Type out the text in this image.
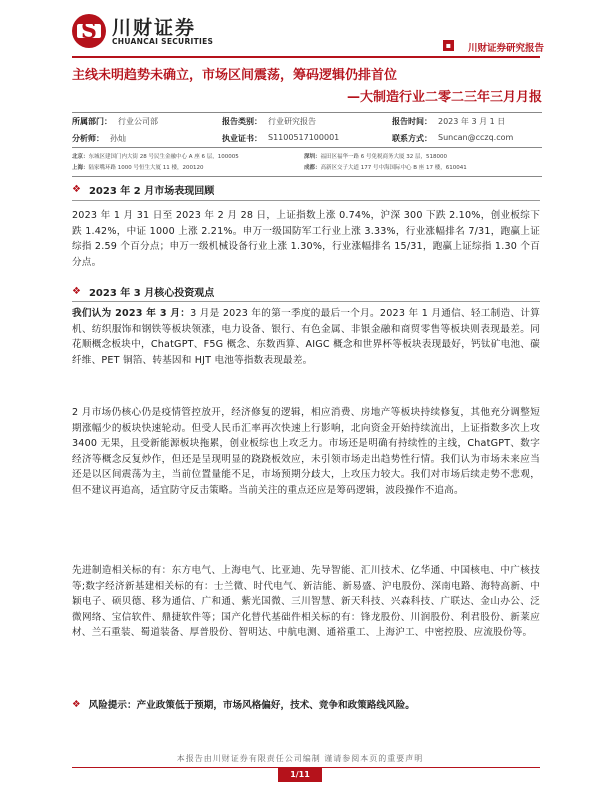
S 川财证券
CHUANCAI SECURITIES	▪ 川财证券研究报告
主线未明趋势未确立，市场区间震荡，筹码逻辑仍排首位
—大制造行业二零二三年三月月报
所属部门： 行业公司部	报告类别： 行业研究报告	报告时间： 2023 年 3 月 1 日
分析师： 孙灿	执业证书： S1100517100001	联系方式： Suncan@cczq.com
北京：东城区建国门内大街 28 号民生金融中心 A 座 6 层，100005	深圳：福田区福华一路 6 号免税商务大厦 32 层，518000
上海：陆家嘴环路 1000 号恒生大厦 11 楼，200120	成都：高新区交子大道 177 号中海国际中心 B 座 17 楼，610041
❖ 2023 年 2 月市场表现回顾
2023 年 1 月 31 日至 2023 年 2 月 28 日，上证指数上涨 0.74%，沪深 300 下跌 2.10%，创业板综下跌 1.42%，中证 1000 上涨 2.21%。申万一级国防军工行业上涨 3.33%，行业涨幅排名 7/31，跑赢上证综指 2.59 个百分点；申万一级机械设备行业上涨 1.30%，行业涨幅排名 15/31，跑赢上证综指 1.30 个百分点。
❖ 2023 年 3 月核心投资观点
我们认为 2023 年 3 月：3 月是 2023 年的第一季度的最后一个月。2023 年 1 月通信、轻工制造、计算机、纺织服饰和钢铁等板块领涨，电力设备、银行、有色金属、非银金融和商贸零售等板块则表现最差。同花顺概念板块中，ChatGPT、F5G 概念、东数西算、AIGC 概念和世界杯等板块表现最好，钙钛矿电池、碳纤维、PET 铜箔、转基因和 HJT 电池等指数表现最差。
2 月市场仍核心仍是疫情管控放开，经济修复的逻辑，相应消费、房地产等板块持续修复，其他充分调整短期涨幅少的板块快速轮动。但受人民币汇率再次快速上行影响，北向资金开始持续流出，上证指数多次上攻 3400 无果，且受新能源板块拖累，创业板综也上攻乏力。市场还是明确有持续性的主线，ChatGPT、数字经济等概念反复炒作，但还是呈现明显的跷跷板效应，未引领市场走出趋势性行情。我们认为市场未来应当还是以区间震荡为主，当前位置量能不足，市场预期分歧大，上攻压力较大。我们对市场后续走势不悲观，但不建议再追高，适宜防守反击策略。当前关注的重点还应是筹码逻辑，波段操作不追高。
先进制造相关标的有：东方电气、上海电气、比亚迪、先导智能、汇川技术、亿华通、中国核电、中广核技等;数字经济新基建相关标的有：士兰微、时代电气、新洁能、新易盛、沪电股份、深南电路、海特高新、中颖电子、硕贝德、移为通信、广和通、紫光国微、三川智慧、新天科技、兴森科技、广联达、金山办公、泛微网络、宝信软件、鼎捷软件等；国产化替代基础件相关标的有：锋龙股份、川润股份、利君股份、新莱应材、兰石重装、蜀道装备、厚普股份、智明达、中航电测、通裕重工、上海沪工、中密控股、应流股份等。
❖ 风险提示： 产业政策低于预期，市场风格偏好，技术、竞争和政策路线风险。
本报告由川财证券有限责任公司编制 谨请参阅本页的重要声明
1/11
